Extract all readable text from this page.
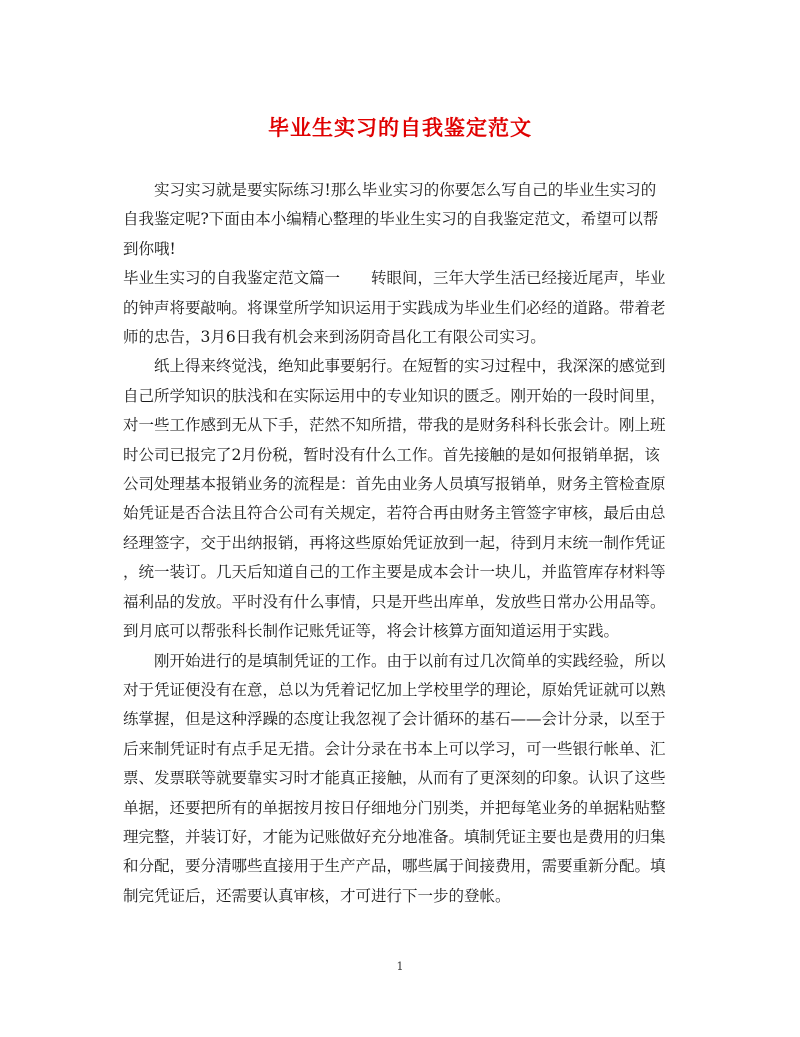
毕业生实习的自我鉴定范文
实习实习就是要实际练习!那么毕业实习的你要怎么写自己的毕业生实习的
自我鉴定呢?下面由本小编精心整理的毕业生实习的自我鉴定范文，希望可以帮
到你哦!
毕业生实习的自我鉴定范文篇一　　转眼间，三年大学生活已经接近尾声，毕业
的钟声将要敲响。将课堂所学知识运用于实践成为毕业生们必经的道路。带着老
师的忠告，3月6日我有机会来到汤阴奇昌化工有限公司实习。
纸上得来终觉浅，绝知此事要躬行。在短暂的实习过程中，我深深的感觉到
自己所学知识的肤浅和在实际运用中的专业知识的匮乏。刚开始的一段时间里，
对一些工作感到无从下手，茫然不知所措，带我的是财务科科长张会计。刚上班
时公司已报完了2月份税，暂时没有什么工作。首先接触的是如何报销单据，该
公司处理基本报销业务的流程是：首先由业务人员填写报销单，财务主管检查原
始凭证是否合法且符合公司有关规定，若符合再由财务主管签字审核，最后由总
经理签字，交于出纳报销，再将这些原始凭证放到一起，待到月末统一制作凭证
，统一装订。几天后知道自己的工作主要是成本会计一块儿，并监管库存材料等
福利品的发放。平时没有什么事情，只是开些出库单，发放些日常办公用品等。
到月底可以帮张科长制作记账凭证等，将会计核算方面知道运用于实践。
刚开始进行的是填制凭证的工作。由于以前有过几次简单的实践经验，所以
对于凭证便没有在意，总以为凭着记忆加上学校里学的理论，原始凭证就可以熟
练掌握，但是这种浮躁的态度让我忽视了会计循环的基石——会计分录，以至于
后来制凭证时有点手足无措。会计分录在书本上可以学习，可一些银行帐单、汇
票、发票联等就要靠实习时才能真正接触，从而有了更深刻的印象。认识了这些
单据，还要把所有的单据按月按日仔细地分门别类，并把每笔业务的单据粘贴整
理完整，并装订好，才能为记账做好充分地准备。填制凭证主要也是费用的归集
和分配，要分清哪些直接用于生产产品，哪些属于间接费用，需要重新分配。填
制完凭证后，还需要认真审核，才可进行下一步的登帐。
1
